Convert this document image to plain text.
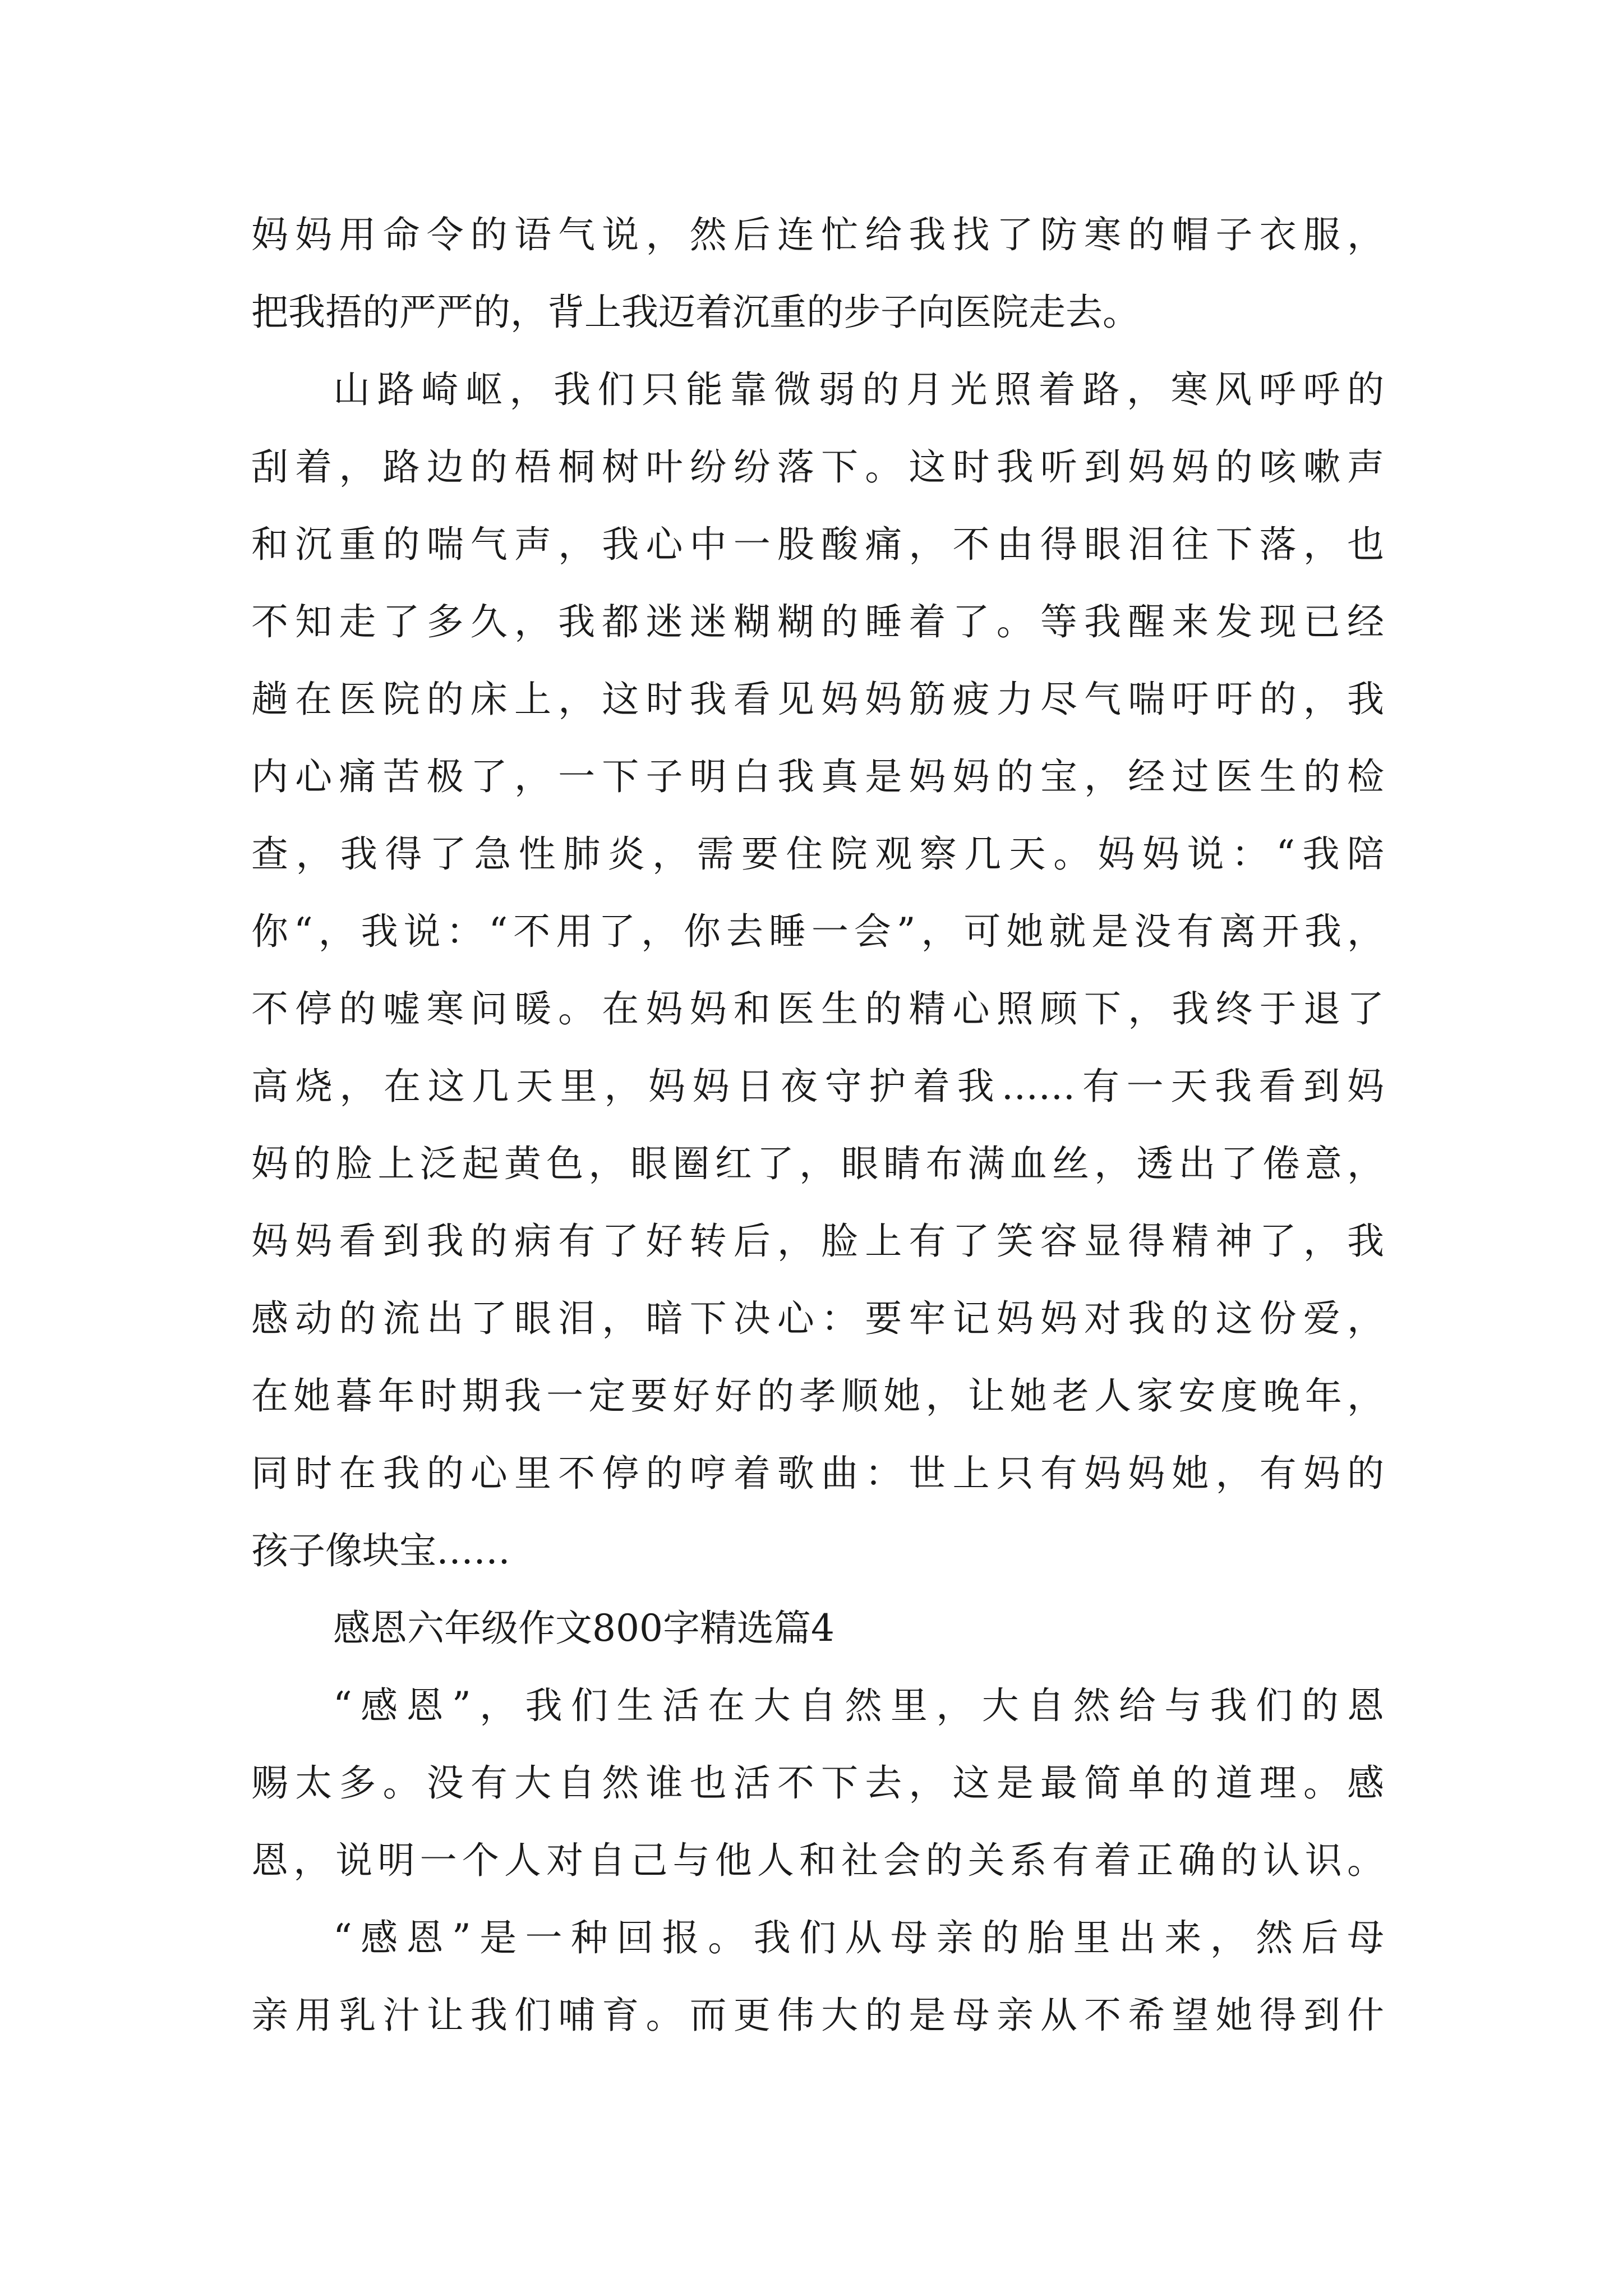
妈妈用命令的语气说，然后连忙给我找了防寒的帽子衣服，

把我捂的严严的，背上我迈着沉重的步子向医院走去。

山路崎岖，我们只能靠微弱的月光照着路，寒风呼呼的

刮着，路边的梧桐树叶纷纷落下。这时我听到妈妈的咳嗽声

和沉重的喘气声，我心中一股酸痛，不由得眼泪往下落，也

不知走了多久，我都迷迷糊糊的睡着了。等我醒来发现已经

趟在医院的床上，这时我看见妈妈筋疲力尽气喘吁吁的，我

内心痛苦极了，一下子明白我真是妈妈的宝，经过医生的检

查，我得了急性肺炎，需要住院观察几天。妈妈说：“我陪

你“，我说：“不用了，你去睡一会”，可她就是没有离开我，

不停的嘘寒问暖。在妈妈和医生的精心照顾下，我终于退了

高烧，在这几天里，妈妈日夜守护着我……有一天我看到妈

妈的脸上泛起黄色，眼圈红了，眼睛布满血丝，透出了倦意，

妈妈看到我的病有了好转后，脸上有了笑容显得精神了，我

感动的流出了眼泪，暗下决心：要牢记妈妈对我的这份爱，

在她暮年时期我一定要好好的孝顺她，让她老人家安度晚年，

同时在我的心里不停的哼着歌曲：世上只有妈妈她，有妈的

孩子像块宝……

感恩六年级作文800字精选篇4

“感恩”，我们生活在大自然里，大自然给与我们的恩

赐太多。没有大自然谁也活不下去，这是最简单的道理。感

恩，说明一个人对自己与他人和社会的关系有着正确的认识。

“感恩”是一种回报。我们从母亲的胎里出来，然后母

亲用乳汁让我们哺育。而更伟大的是母亲从不希望她得到什
